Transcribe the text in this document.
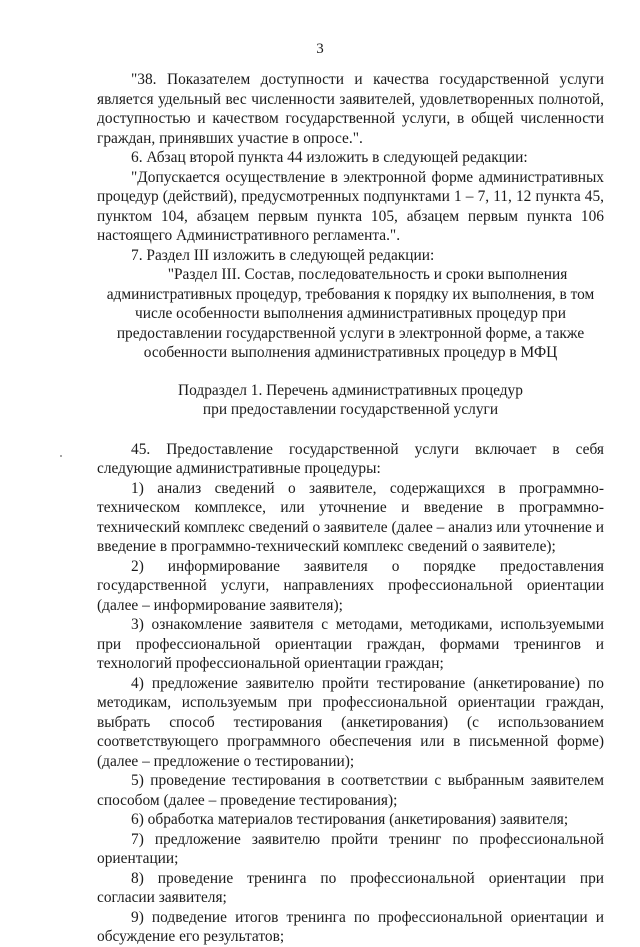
3

"38. Показателем доступности и качества государственной услуги является удельный вес численности заявителей, удовлетворенных полнотой, доступностью и качеством государственной услуги, в общей численности граждан, принявших участие в опросе.".

6. Абзац второй пункта 44 изложить в следующей редакции:

"Допускается осуществление в электронной форме административных процедур (действий), предусмотренных подпунктами 1 – 7, 11, 12 пункта 45, пунктом 104, абзацем первым пункта 105, абзацем первым пункта 106 настоящего Административного регламента.".

7. Раздел III изложить в следующей редакции:

"Раздел III. Состав, последовательность и сроки выполнения административных процедур, требования к порядку их выполнения, в том числе особенности выполнения административных процедур при предоставлении государственной услуги в электронной форме, а также особенности выполнения административных процедур в МФЦ

Подраздел 1. Перечень административных процедур

при предоставлении государственной услуги

45. Предоставление государственной услуги включает в себя следующие административные процедуры:

1) анализ сведений о заявителе, содержащихся в программно-техническом комплексе, или уточнение и введение в программно-технический комплекс сведений о заявителе (далее – анализ или уточнение и введение в программно-технический комплекс сведений о заявителе);

2) информирование заявителя о порядке предоставления государственной услуги, направлениях профессиональной ориентации (далее – информирование заявителя);

3) ознакомление заявителя с методами, методиками, используемыми при профессиональной ориентации граждан, формами тренингов и технологий профессиональной ориентации граждан;

4) предложение заявителю пройти тестирование (анкетирование) по методикам, используемым при профессиональной ориентации граждан, выбрать способ тестирования (анкетирования) (с использованием соответствующего программного обеспечения или в письменной форме) (далее – предложение о тестировании);

5) проведение тестирования в соответствии с выбранным заявителем способом (далее – проведение тестирования);

6) обработка материалов тестирования (анкетирования) заявителя;

7) предложение заявителю пройти тренинг по профессиональной ориентации;

8) проведение тренинга по профессиональной ориентации при согласии заявителя;

9) подведение итогов тренинга по профессиональной ориентации и обсуждение его результатов;
